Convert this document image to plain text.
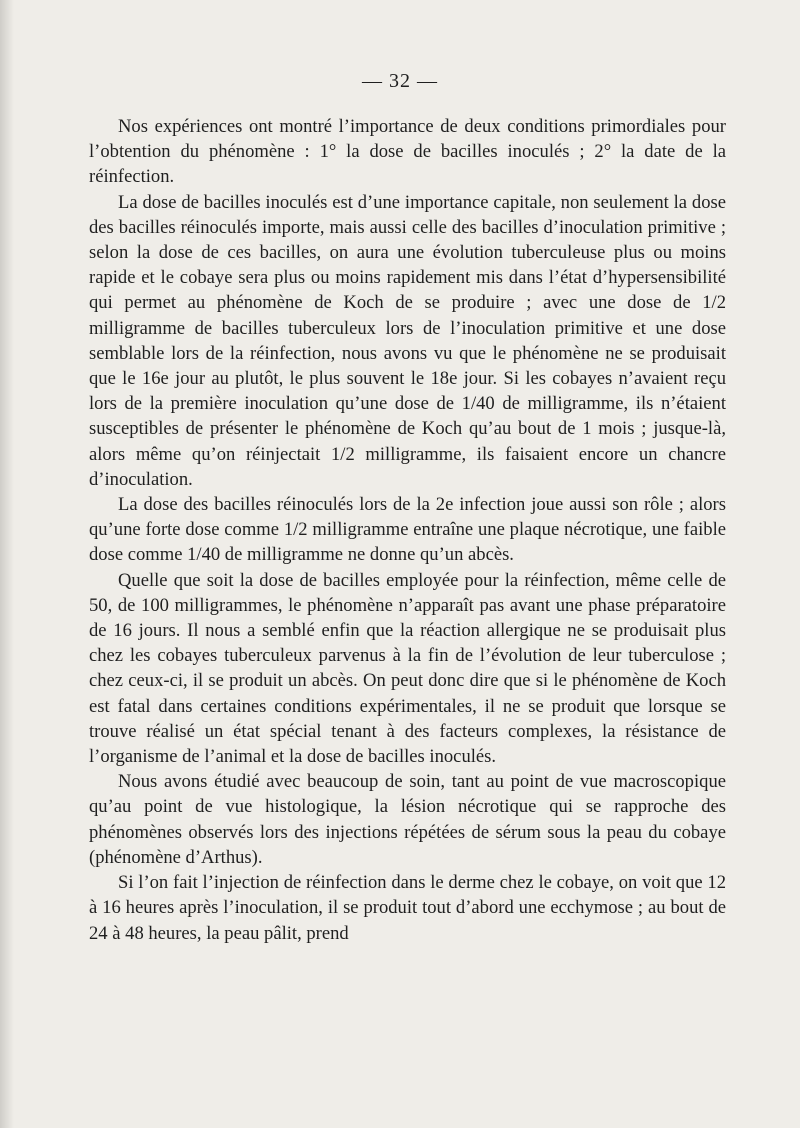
— 32 —

Nos expériences ont montré l’importance de deux conditions primordiales pour l’obtention du phénomène : 1° la dose de bacilles inoculés ; 2° la date de la réinfection.

La dose de bacilles inoculés est d’une importance capitale, non seulement la dose des bacilles réinoculés importe, mais aussi celle des bacilles d’inoculation primitive ; selon la dose de ces bacilles, on aura une évolution tuberculeuse plus ou moins rapide et le cobaye sera plus ou moins rapidement mis dans l’état d’hypersensibilité qui permet au phénomène de Koch de se produire ; avec une dose de 1/2 milligramme de bacilles tuberculeux lors de l’inoculation primitive et une dose semblable lors de la réinfection, nous avons vu que le phénomène ne se produisait que le 16e jour au plutôt, le plus souvent le 18e jour. Si les cobayes n’avaient reçu lors de la première inoculation qu’une dose de 1/40 de milligramme, ils n’étaient susceptibles de présenter le phénomène de Koch qu’au bout de 1 mois ; jusque-là, alors même qu’on réinjectait 1/2 milligramme, ils faisaient encore un chancre d’inoculation.

La dose des bacilles réinoculés lors de la 2e infection joue aussi son rôle ; alors qu’une forte dose comme 1/2 milligramme entraîne une plaque nécrotique, une faible dose comme 1/40 de milligramme ne donne qu’un abcès.

Quelle que soit la dose de bacilles employée pour la réinfection, même celle de 50, de 100 milligrammes, le phénomène n’apparaît pas avant une phase préparatoire de 16 jours. Il nous a semblé enfin que la réaction allergique ne se produisait plus chez les cobayes tuberculeux parvenus à la fin de l’évolution de leur tuberculose ; chez ceux-ci, il se produit un abcès. On peut donc dire que si le phénomène de Koch est fatal dans certaines conditions expérimentales, il ne se produit que lorsque se trouve réalisé un état spécial tenant à des facteurs complexes, la résistance de l’organisme de l’animal et la dose de bacilles inoculés.

Nous avons étudié avec beaucoup de soin, tant au point de vue macroscopique qu’au point de vue histologique, la lésion nécrotique qui se rapproche des phénomènes observés lors des injections répétées de sérum sous la peau du cobaye (phénomène d’Arthus).

Si l’on fait l’injection de réinfection dans le derme chez le cobaye, on voit que 12 à 16 heures après l’inoculation, il se produit tout d’abord une ecchymose ; au bout de 24 à 48 heures, la peau pâlit, prend
